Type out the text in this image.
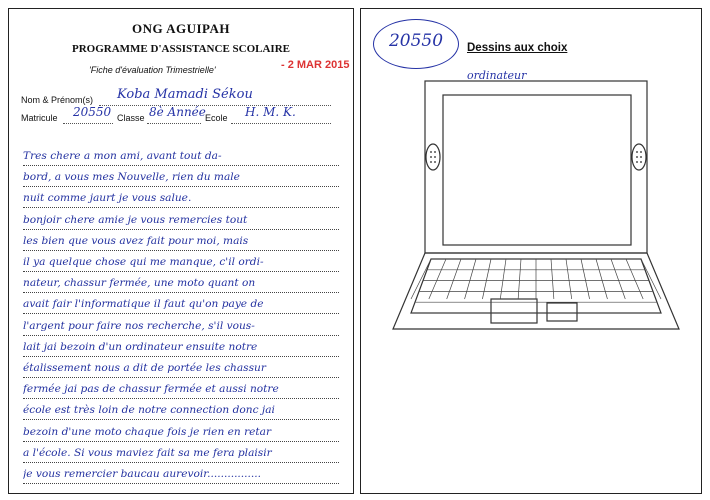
ONG AGUIPAH
PROGRAMME D'ASSISTANCE SCOLAIRE
'Fiche d'évaluation Trimestrielle'	- 2 MAR 2015
Nom & Prénom(s) Koba Mamadi Sékou
Matricule 20550 Classe 8è Année Ecole H. M. K.
Tres chere a mon ami, avant tout da-
bord, a vous mes Nouvelle, rien du male
nuit comme jaurt je vous salue.
bonjoir chere amie je vous remercies tout
les bien que vous avez fait pour moi, mais
il ya quelque chose qui me manque, c'il ordi-
nateur, chassur fermée, une moto quant on
avait fair l'informatique il faut qu'on paye de
l'argent pour faire nos recherche, s'il vous-
lait jai bezoin d'un ordinateur ensuite notre
étalissement nous a dit de portée les chassur
fermée jai pas de chassur fermée et aussi notre
école est très loin de notre connection donc jai
bezoin d'une moto chaque fois je rien en retar
a l'école. Si vous maviez fait sa me fera plaisir
je vous remercier baucau aurevoir................
20550	Dessins aux choix
ordinateur
